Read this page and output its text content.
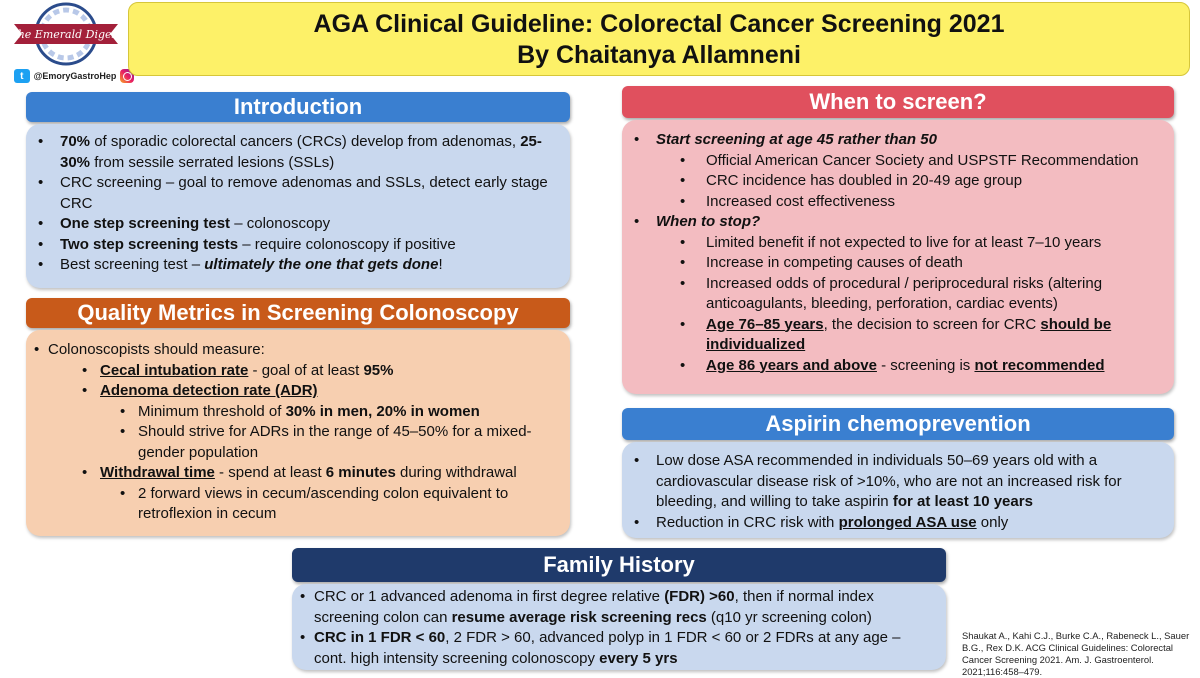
The Emerald Digest
t	@EmoryGastroHep
AGA Clinical Guideline: Colorectal Cancer Screening 2021
By Chaitanya Allamneni
Introduction
• 70% of sporadic colorectal cancers (CRCs) develop from adenomas, 25-30% from sessile serrated lesions (SSLs)
• CRC screening – goal to remove adenomas and SSLs, detect early stage CRC
• One step screening test – colonoscopy
• Two step screening tests – require colonoscopy if positive
• Best screening test – ultimately the one that gets done!
Quality Metrics in Screening Colonoscopy
• Colonoscopists should measure:
• Cecal intubation rate - goal of at least 95%
• Adenoma detection rate (ADR)
• Minimum threshold of 30% in men, 20% in women
• Should strive for ADRs in the range of 45–50% for a mixed-gender population
• Withdrawal time - spend at least 6 minutes during withdrawal
• 2 forward views in cecum/ascending colon equivalent to retroflexion in cecum
When to screen?
• Start screening at age 45 rather than 50
• Official American Cancer Society and USPSTF Recommendation
• CRC incidence has doubled in 20-49 age group
• Increased cost effectiveness
• When to stop?
• Limited benefit if not expected to live for at least 7–10 years
• Increase in competing causes of death
• Increased odds of procedural / periprocedural risks (altering anticoagulants, bleeding, perforation, cardiac events)
• Age 76–85 years, the decision to screen for CRC should be individualized
• Age 86 years and above - screening is not recommended
Aspirin chemoprevention
• Low dose ASA recommended in individuals 50–69 years old with a cardiovascular disease risk of >10%, who are not an increased risk for bleeding, and willing to take aspirin for at least 10 years
• Reduction in CRC risk with prolonged ASA use only
Family History
• CRC or 1 advanced adenoma in first degree relative (FDR) >60, then if normal index screening colon can resume average risk screening recs (q10 yr screening colon)
• CRC in 1 FDR < 60, 2 FDR > 60, advanced polyp in 1 FDR < 60 or 2 FDRs at any age – cont. high intensity screening colonoscopy every 5 yrs
Shaukat A., Kahi C.J., Burke C.A., Rabeneck L., Sauer B.G., Rex D.K. ACG Clinical Guidelines: Colorectal Cancer Screening 2021. Am. J. Gastroenterol. 2021;116:458–479.
